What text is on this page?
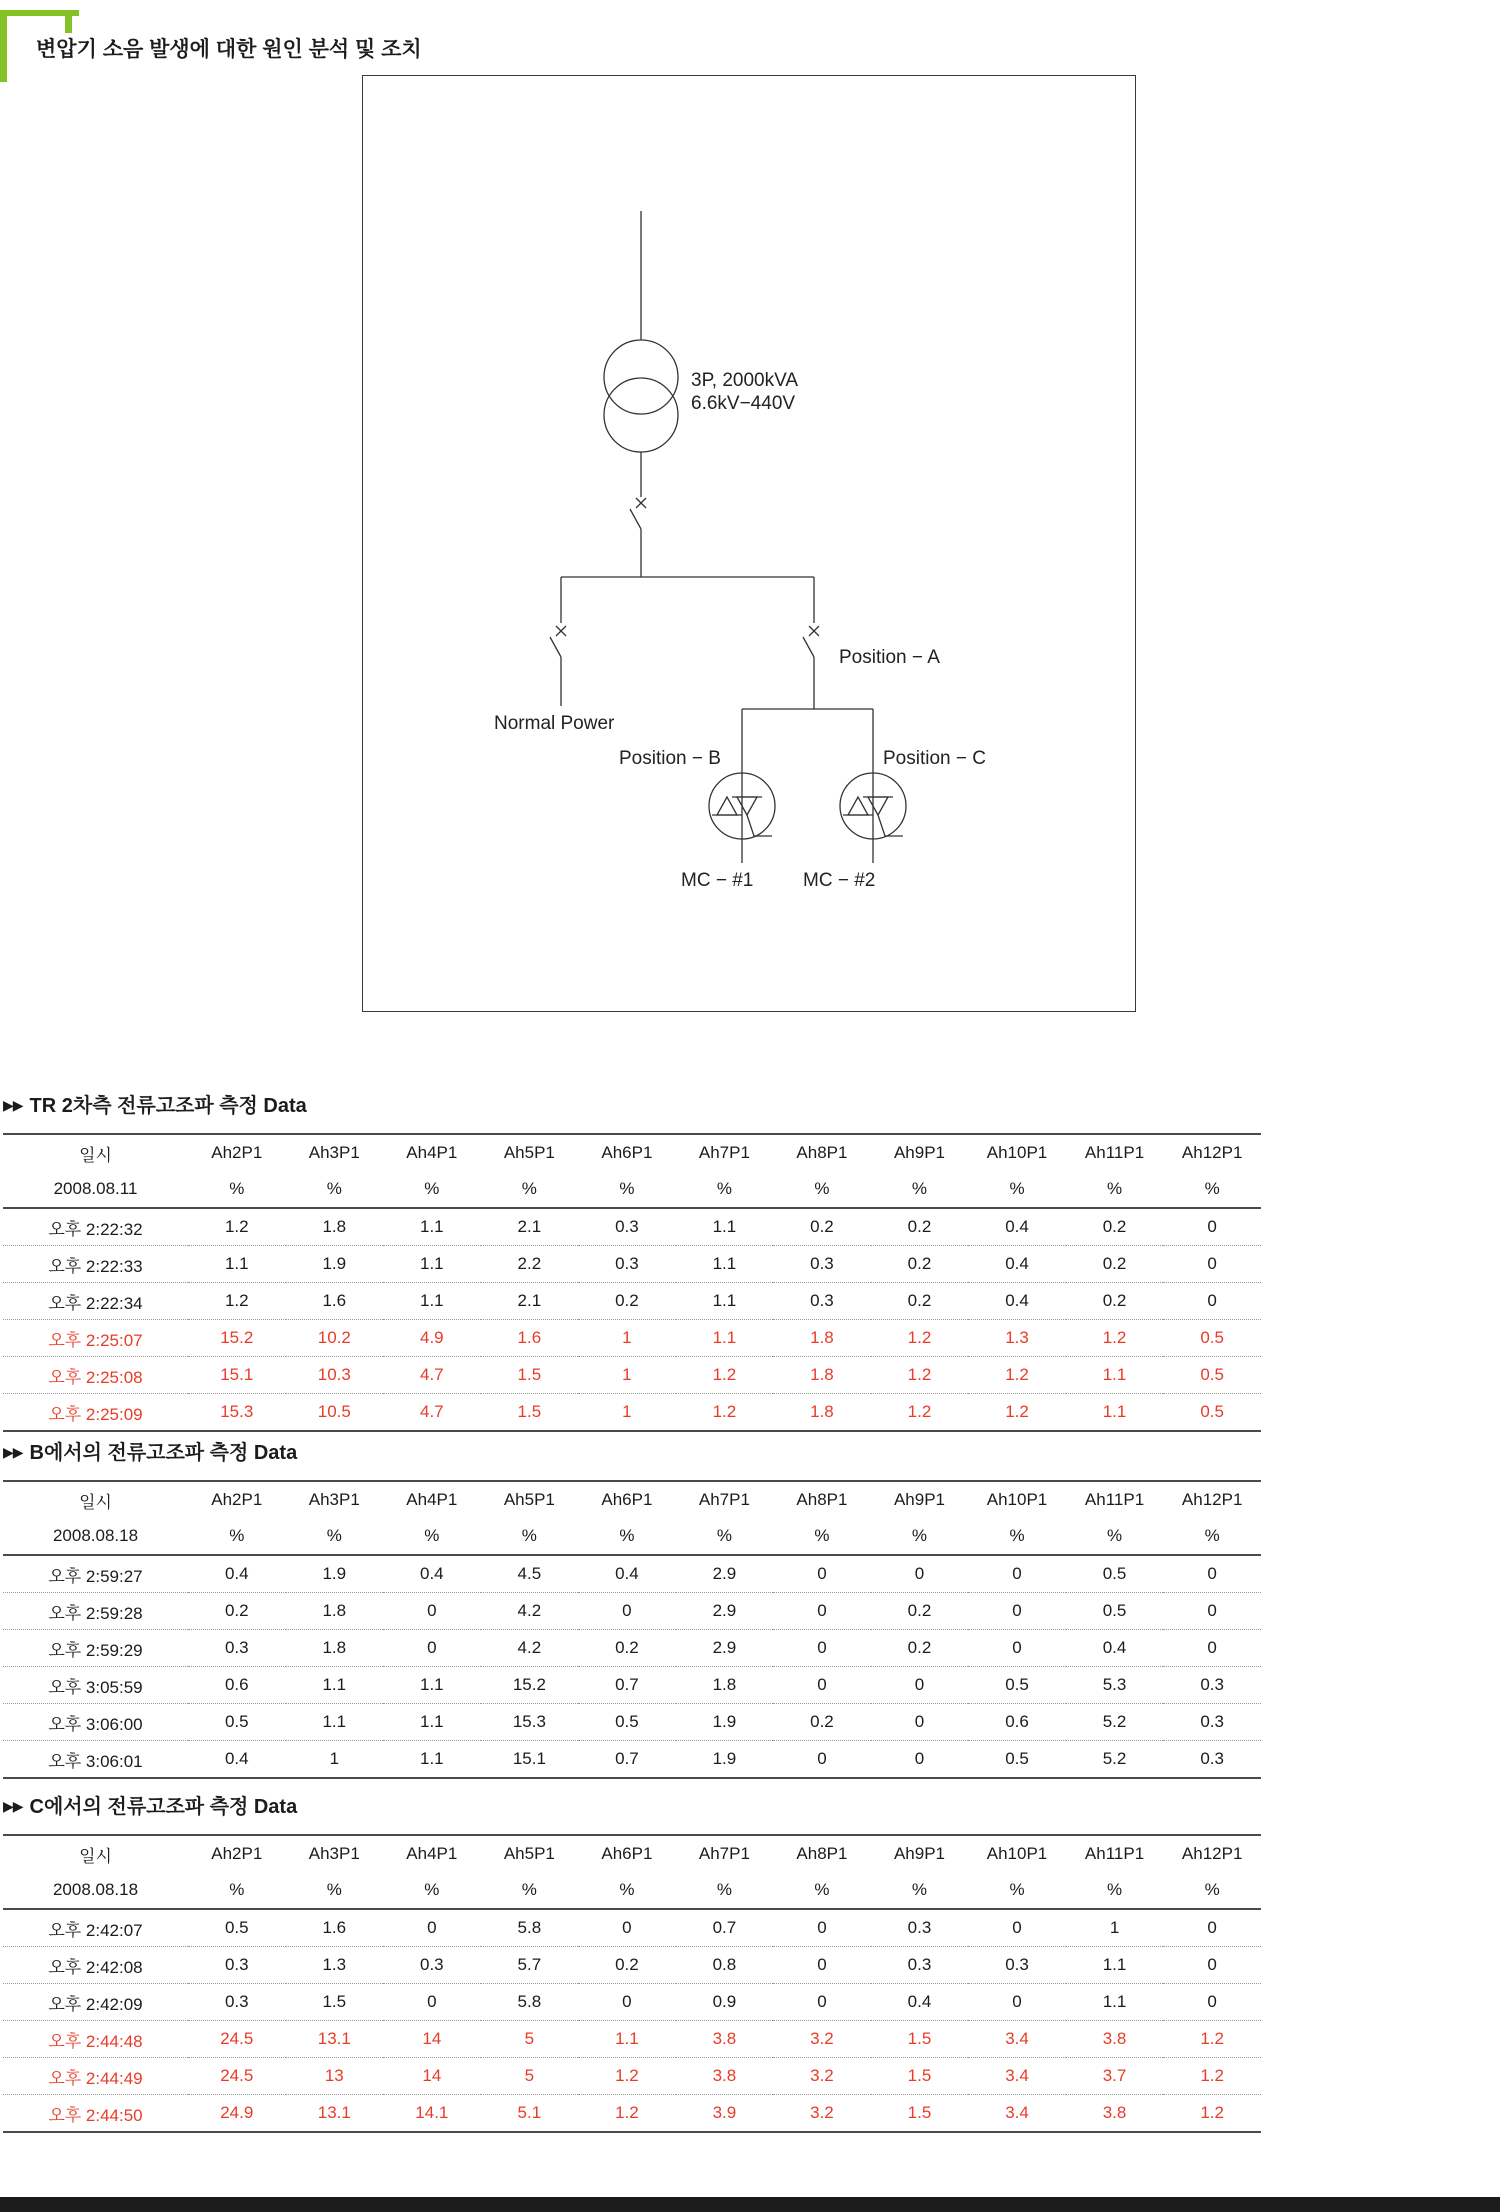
변압기 소음 발생에 대한 원인 분석 및 조치
3P, 2000kVA
6.6kV−440V
Normal Power
Position − A
Position − B
MC − #1
Position − C
MC − #2
▶▶ TR 2차측 전류고조파 측정 Data
일시	Ah2P1	Ah3P1	Ah4P1	Ah5P1	Ah6P1	Ah7P1	Ah8P1	Ah9P1	Ah10P1	Ah11P1	Ah12P1
2008.08.11	%	%	%	%	%	%	%	%	%	%	%
오후 2:22:32	1.2	1.8	1.1	2.1	0.3	1.1	0.2	0.2	0.4	0.2	0
오후 2:22:33	1.1	1.9	1.1	2.2	0.3	1.1	0.3	0.2	0.4	0.2	0
오후 2:22:34	1.2	1.6	1.1	2.1	0.2	1.1	0.3	0.2	0.4	0.2	0
오후 2:25:07	15.2	10.2	4.9	1.6	1	1.1	1.8	1.2	1.3	1.2	0.5
오후 2:25:08	15.1	10.3	4.7	1.5	1	1.2	1.8	1.2	1.2	1.1	0.5
오후 2:25:09	15.3	10.5	4.7	1.5	1	1.2	1.8	1.2	1.2	1.1	0.5
▶▶ B에서의 전류고조파 측정 Data
일시	Ah2P1	Ah3P1	Ah4P1	Ah5P1	Ah6P1	Ah7P1	Ah8P1	Ah9P1	Ah10P1	Ah11P1	Ah12P1
2008.08.18	%	%	%	%	%	%	%	%	%	%	%
오후 2:59:27	0.4	1.9	0.4	4.5	0.4	2.9	0	0	0	0.5	0
오후 2:59:28	0.2	1.8	0	4.2	0	2.9	0	0.2	0	0.5	0
오후 2:59:29	0.3	1.8	0	4.2	0.2	2.9	0	0.2	0	0.4	0
오후 3:05:59	0.6	1.1	1.1	15.2	0.7	1.8	0	0	0.5	5.3	0.3
오후 3:06:00	0.5	1.1	1.1	15.3	0.5	1.9	0.2	0	0.6	5.2	0.3
오후 3:06:01	0.4	1	1.1	15.1	0.7	1.9	0	0	0.5	5.2	0.3
▶▶ C에서의 전류고조파 측정 Data
일시	Ah2P1	Ah3P1	Ah4P1	Ah5P1	Ah6P1	Ah7P1	Ah8P1	Ah9P1	Ah10P1	Ah11P1	Ah12P1
2008.08.18	%	%	%	%	%	%	%	%	%	%	%
오후 2:42:07	0.5	1.6	0	5.8	0	0.7	0	0.3	0	1	0
오후 2:42:08	0.3	1.3	0.3	5.7	0.2	0.8	0	0.3	0.3	1.1	0
오후 2:42:09	0.3	1.5	0	5.8	0	0.9	0	0.4	0	1.1	0
오후 2:44:48	24.5	13.1	14	5	1.1	3.8	3.2	1.5	3.4	3.8	1.2
오후 2:44:49	24.5	13	14	5	1.2	3.8	3.2	1.5	3.4	3.7	1.2
오후 2:44:50	24.9	13.1	14.1	5.1	1.2	3.9	3.2	1.5	3.4	3.8	1.2
